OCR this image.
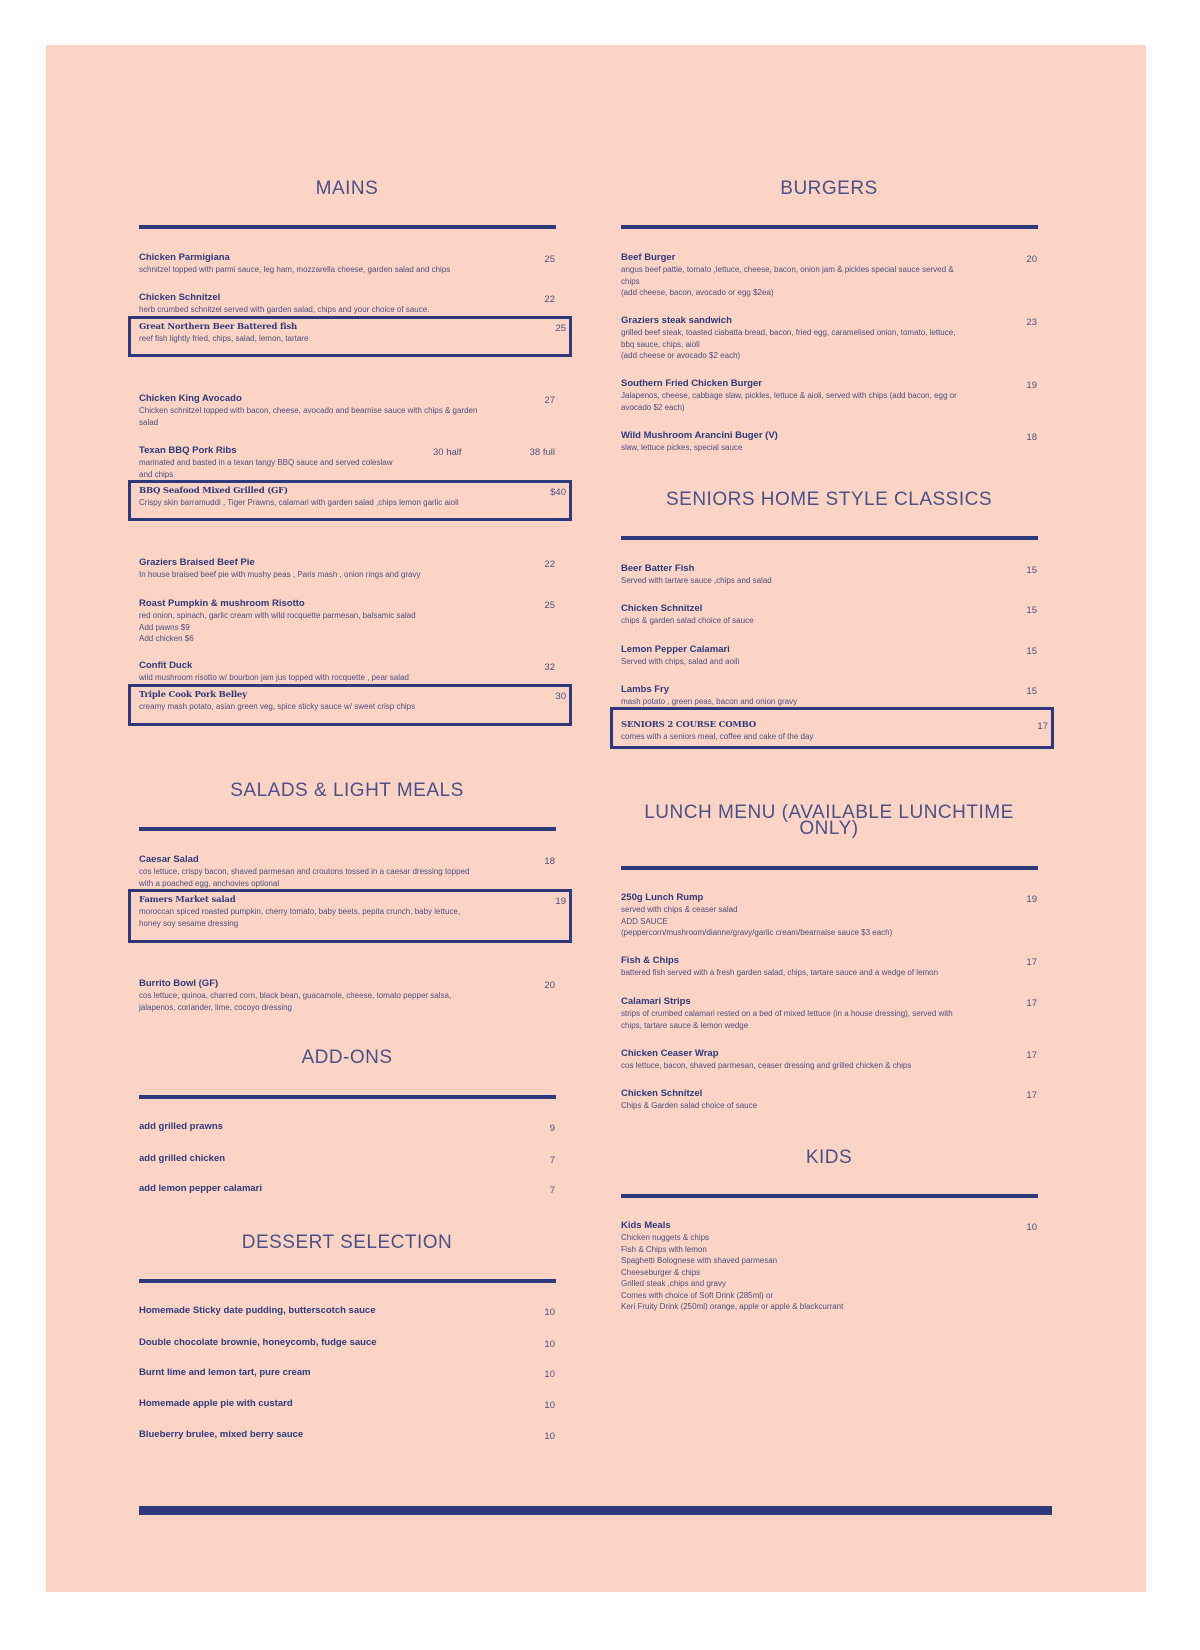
MAINS
Chicken Parmigiana
schnitzel topped with parmi sauce, leg ham, mozzarella cheese, garden salad and chips
25
Chicken Schnitzel
herb crumbed schnitzel served with garden salad, chips and your choice of sauce.
22
Great Northern Beer Battered fish
reef fish lightly fried, chips, salad, lemon, tartare
25
Chicken King Avocado
Chicken schnitzel topped with bacon, cheese, avocado and bearnise sauce with chips & garden
salad
27
Texan BBQ Pork Ribs
marinated and basted in a texan tangy BBQ sauce and served coleslaw
and chips
30 half	38 full
BBQ Seafood Mixed Grilled (GF)
Crispy skin barramuddi , Tiger Prawns, calamari with garden salad ,chips lemon garlic aioli
$40
Graziers Braised Beef Pie
In house braised beef pie with mushy peas , Paris mash , onion rings and gravy
22
Roast Pumpkin & mushroom Risotto
red onion, spinach, garlic cream with wild rocquette parmesan, balsamic salad
Add pawns $9
Add chicken $6
25
Confit Duck
wild mushroom risotto w/ bourbon jam jus topped with rocquette , pear salad
32
Triple Cook Pork Belley
creamy mash potato, asian green veg, spice sticky sauce w/ sweet crisp chips
30
SALADS & LIGHT MEALS
Caesar Salad
cos lettuce, crispy bacon, shaved parmesan and croutons tossed in a caesar dressing topped
with a poached egg, anchovies optional
18
Famers Market salad
moroccan spiced roasted pumpkin, cherry tomato, baby beets, pepita crunch, baby lettuce,
honey soy sesame dressing
19
Burrito Bowl (GF)
cos lettuce, quinoa, charred corn, black bean, guacamole, cheese, tomato pepper salsa,
jalapenos, coriander, lime, cocoyo dressing
20
ADD-ONS
add grilled prawns	9
add grilled chicken	7
add lemon pepper calamari	7
DESSERT SELECTION
Homemade Sticky date pudding, butterscotch sauce	10
Double chocolate brownie, honeycomb, fudge sauce	10
Burnt lime and lemon tart, pure cream	10
Homemade apple pie with custard	10
Blueberry brulee, mixed berry sauce	10
BURGERS
Beef Burger
angus beef pattie, tomato ,lettuce, cheese, bacon, onion jam & pickles special sauce served &
chips
(add cheese, bacon, avocado or egg $2ea)
20
Graziers steak sandwich
grilled beef steak, toasted ciabatta bread, bacon, fried egg, caramelised onion, tomato, lettuce,
bbq sauce, chips, aioli
(add cheese or avocado $2 each)
23
Southern Fried Chicken Burger
Jalapenos, cheese, cabbage slaw, pickles, lettuce & aioli, served with chips (add bacon, egg or
avocado $2 each)
19
Wild Mushroom Arancini Buger (V)
slaw, lettuce pickes, special sauce
18
SENIORS HOME STYLE CLASSICS
Beer Batter Fish
Served with tartare sauce ,chips and salad
15
Chicken Schnitzel
chips & garden salad choice of sauce
15
Lemon Pepper Calamari
Served with chips, salad and aoili
15
Lambs Fry
mash potato , green peas, bacon and onion gravy
15
SENIORS 2 COURSE COMBO
comes with a seniors meal, coffee and cake of the day
17
LUNCH MENU (AVAILABLE LUNCHTIME
ONLY)
250g Lunch Rump
served with chips & ceaser salad
ADD SAUCE
(peppercorn/mushroom/dianne/gravy/garlic cream/bearnaise sauce $3 each)
19
Fish & Chips
battered fish served with a fresh garden salad, chips, tartare sauce and a wedge of lemon
17
Calamari Strips
strips of crumbed calamari rested on a bed of mixed lettuce (in a house dressing), served with
chips, tartare sauce & lemon wedge
17
Chicken Ceaser Wrap
cos lettuce, bacon, shaved parmesan, ceaser dressing and grilled chicken & chips
17
Chicken Schnitzel
Chips & Garden salad choice of sauce
17
KIDS
Kids Meals
Chicken nuggets & chips
Fish & Chips with lemon
Spaghetti Bolognese with shaved parmesan
Cheeseburger & chips
Grilled steak ,chips and gravy
Comes with choice of Soft Drink (285ml) or
Keri Fruity Drink (250ml) orange, apple or apple & blackcurrant
10
